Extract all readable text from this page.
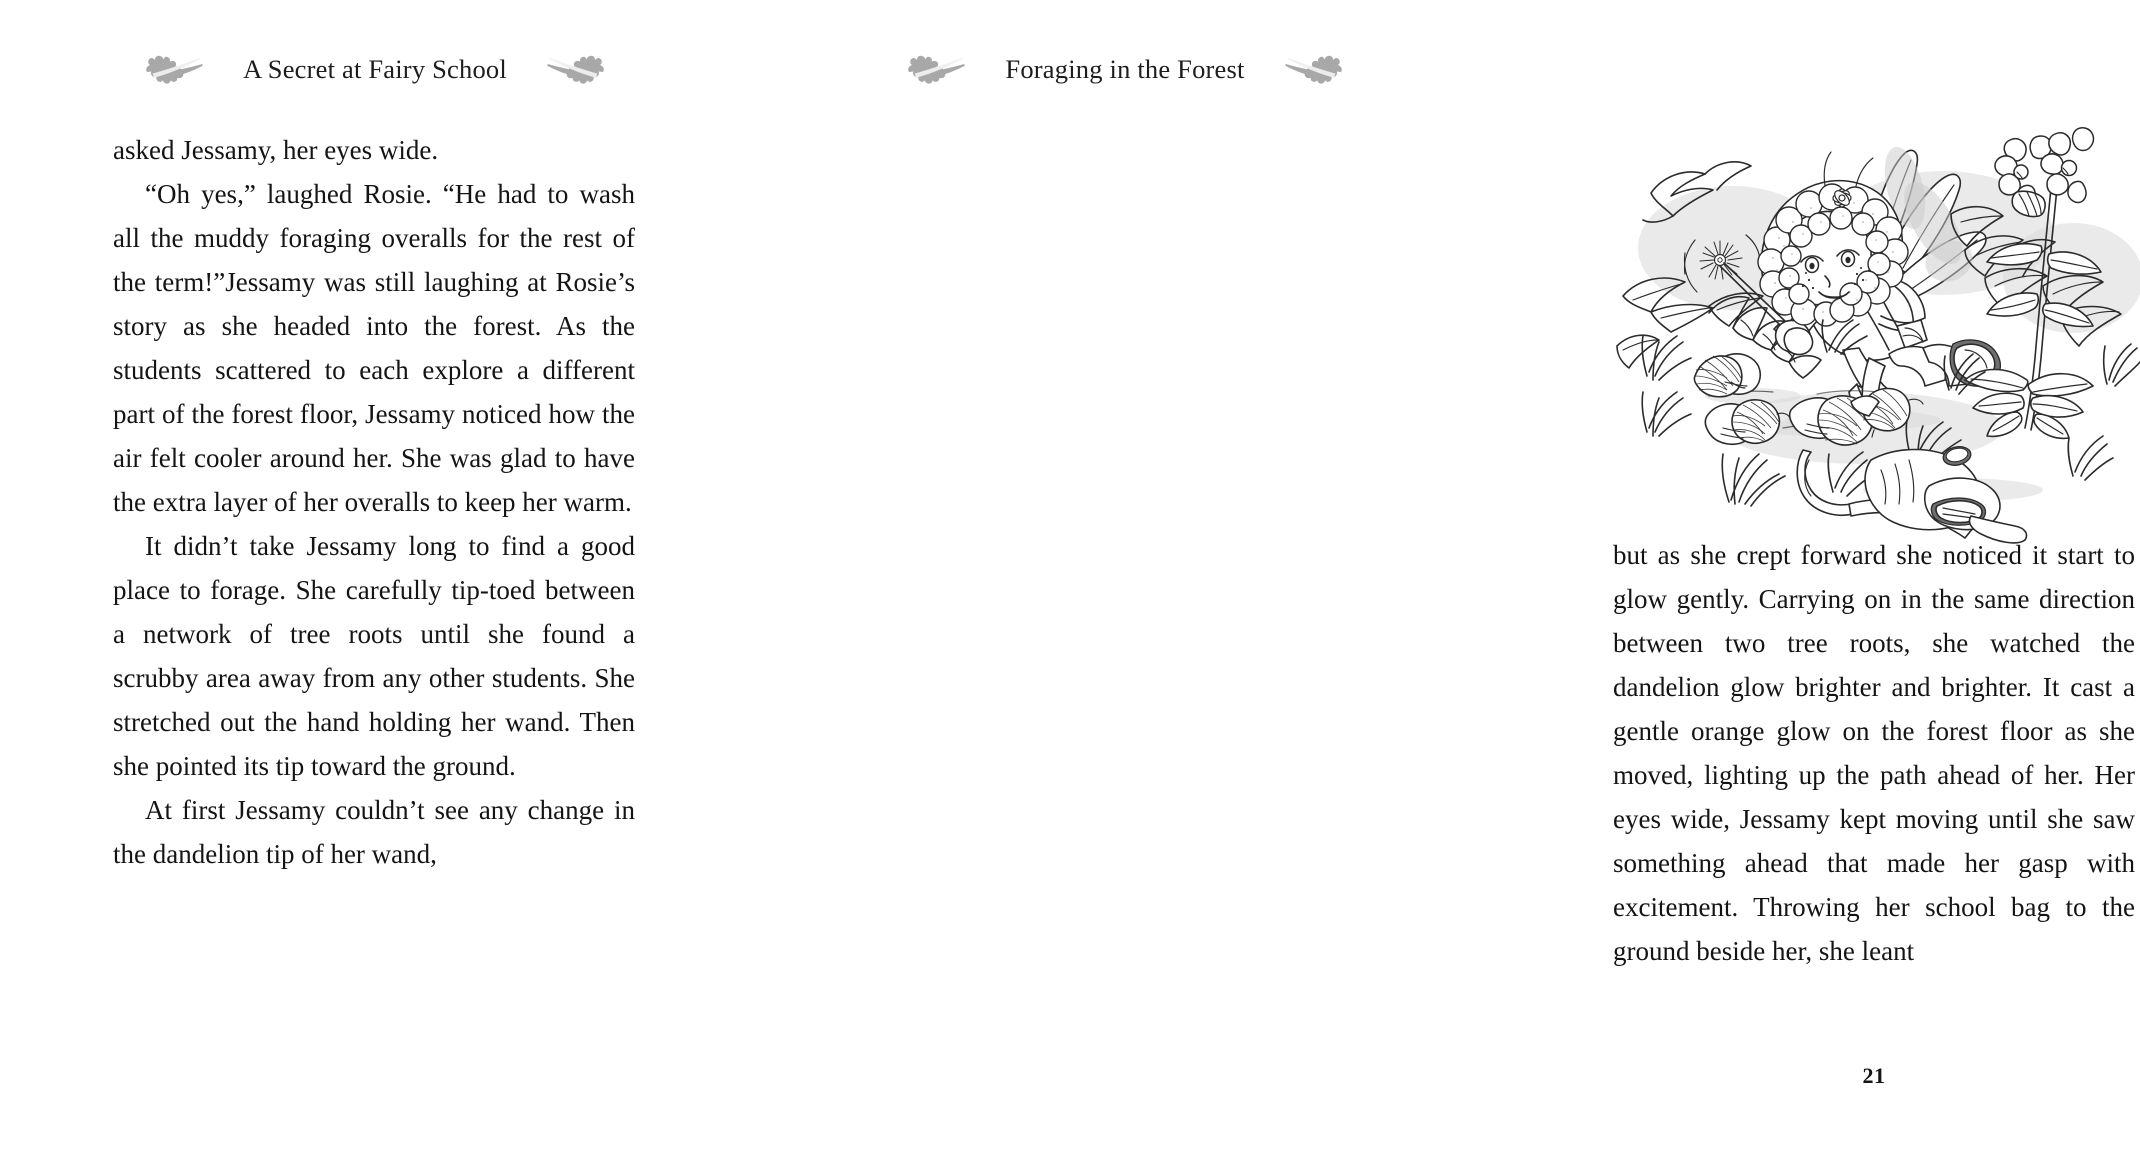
A Secret at Fairy School

asked Jessamy, her eyes wide.

“Oh yes,” laughed Rosie. “He had to wash all the muddy foraging overalls for the rest of the term!”Jessamy was still laughing at Rosie’s story as she headed into the forest. As the students scattered to each explore a different part of the forest floor, Jessamy noticed how the air felt cooler around her. She was glad to have the extra layer of her overalls to keep her warm.

It didn’t take Jessamy long to find a good place to forage. She carefully tip-toed between a network of tree roots until she found a scrubby area away from any other students. She stretched out the hand holding her wand. Then she pointed its tip toward the ground.

At first Jessamy couldn’t see any change in the dandelion tip of her wand,

Foraging in the Forest

but as she crept forward she noticed it start to glow gently. Carrying on in the same direction between two tree roots, she watched the dandelion glow brighter and brighter. It cast a gentle orange glow on the forest floor as she moved, lighting up the path ahead of her. Her eyes wide, Jessamy kept moving until she saw something ahead that made her gasp with excitement. Throwing her school bag to the ground beside her, she leant

21
